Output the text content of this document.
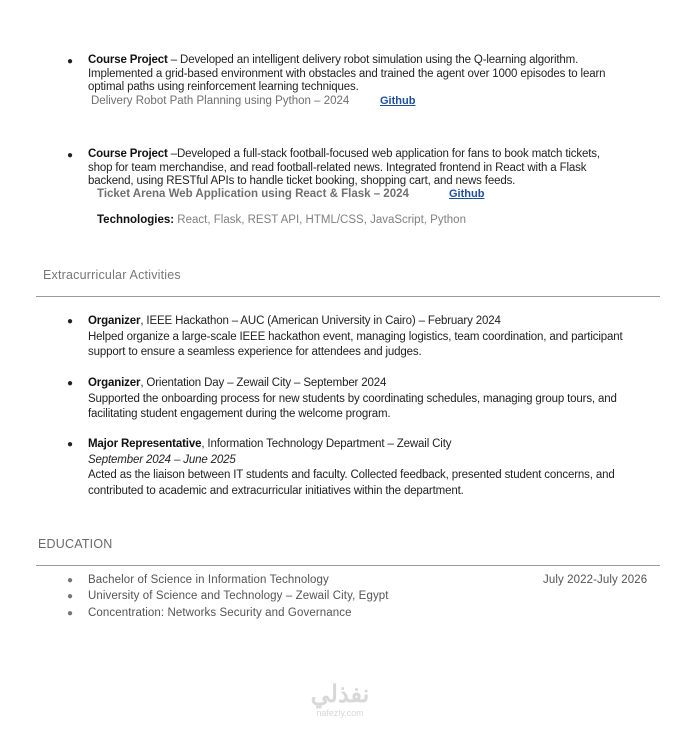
● Course Project – Developed an intelligent delivery robot simulation using the Q-learning algorithm.
Implemented a grid-based environment with obstacles and trained the agent over 1000 episodes to learn
optimal paths using reinforcement learning techniques.
Delivery Robot Path Planning using Python – 2024	Github
● Course Project –Developed a full-stack football-focused web application for fans to book match tickets,
shop for team merchandise, and read football-related news. Integrated frontend in React with a Flask
backend, using RESTful APIs to handle ticket booking, shopping cart, and news feeds.
Ticket Arena Web Application using React & Flask – 2024	Github
Technologies: React, Flask, REST API, HTML/CSS, JavaScript, Python
Extracurricular Activities
● Organizer, IEEE Hackathon – AUC (American University in Cairo) – February 2024
Helped organize a large-scale IEEE hackathon event, managing logistics, team coordination, and participant
support to ensure a seamless experience for attendees and judges.
● Organizer, Orientation Day – Zewail City – September 2024
Supported the onboarding process for new students by coordinating schedules, managing group tours, and
facilitating student engagement during the welcome program.
● Major Representative, Information Technology Department – Zewail City
September 2024 – June 2025
Acted as the liaison between IT students and faculty. Collected feedback, presented student concerns, and
contributed to academic and extracurricular initiatives within the department.
EDUCATION
● Bachelor of Science in Information Technology	July 2022-July 2026
● University of Science and Technology – Zewail City, Egypt
● Concentration: Networks Security and Governance
نفذلي
nafezly.com
